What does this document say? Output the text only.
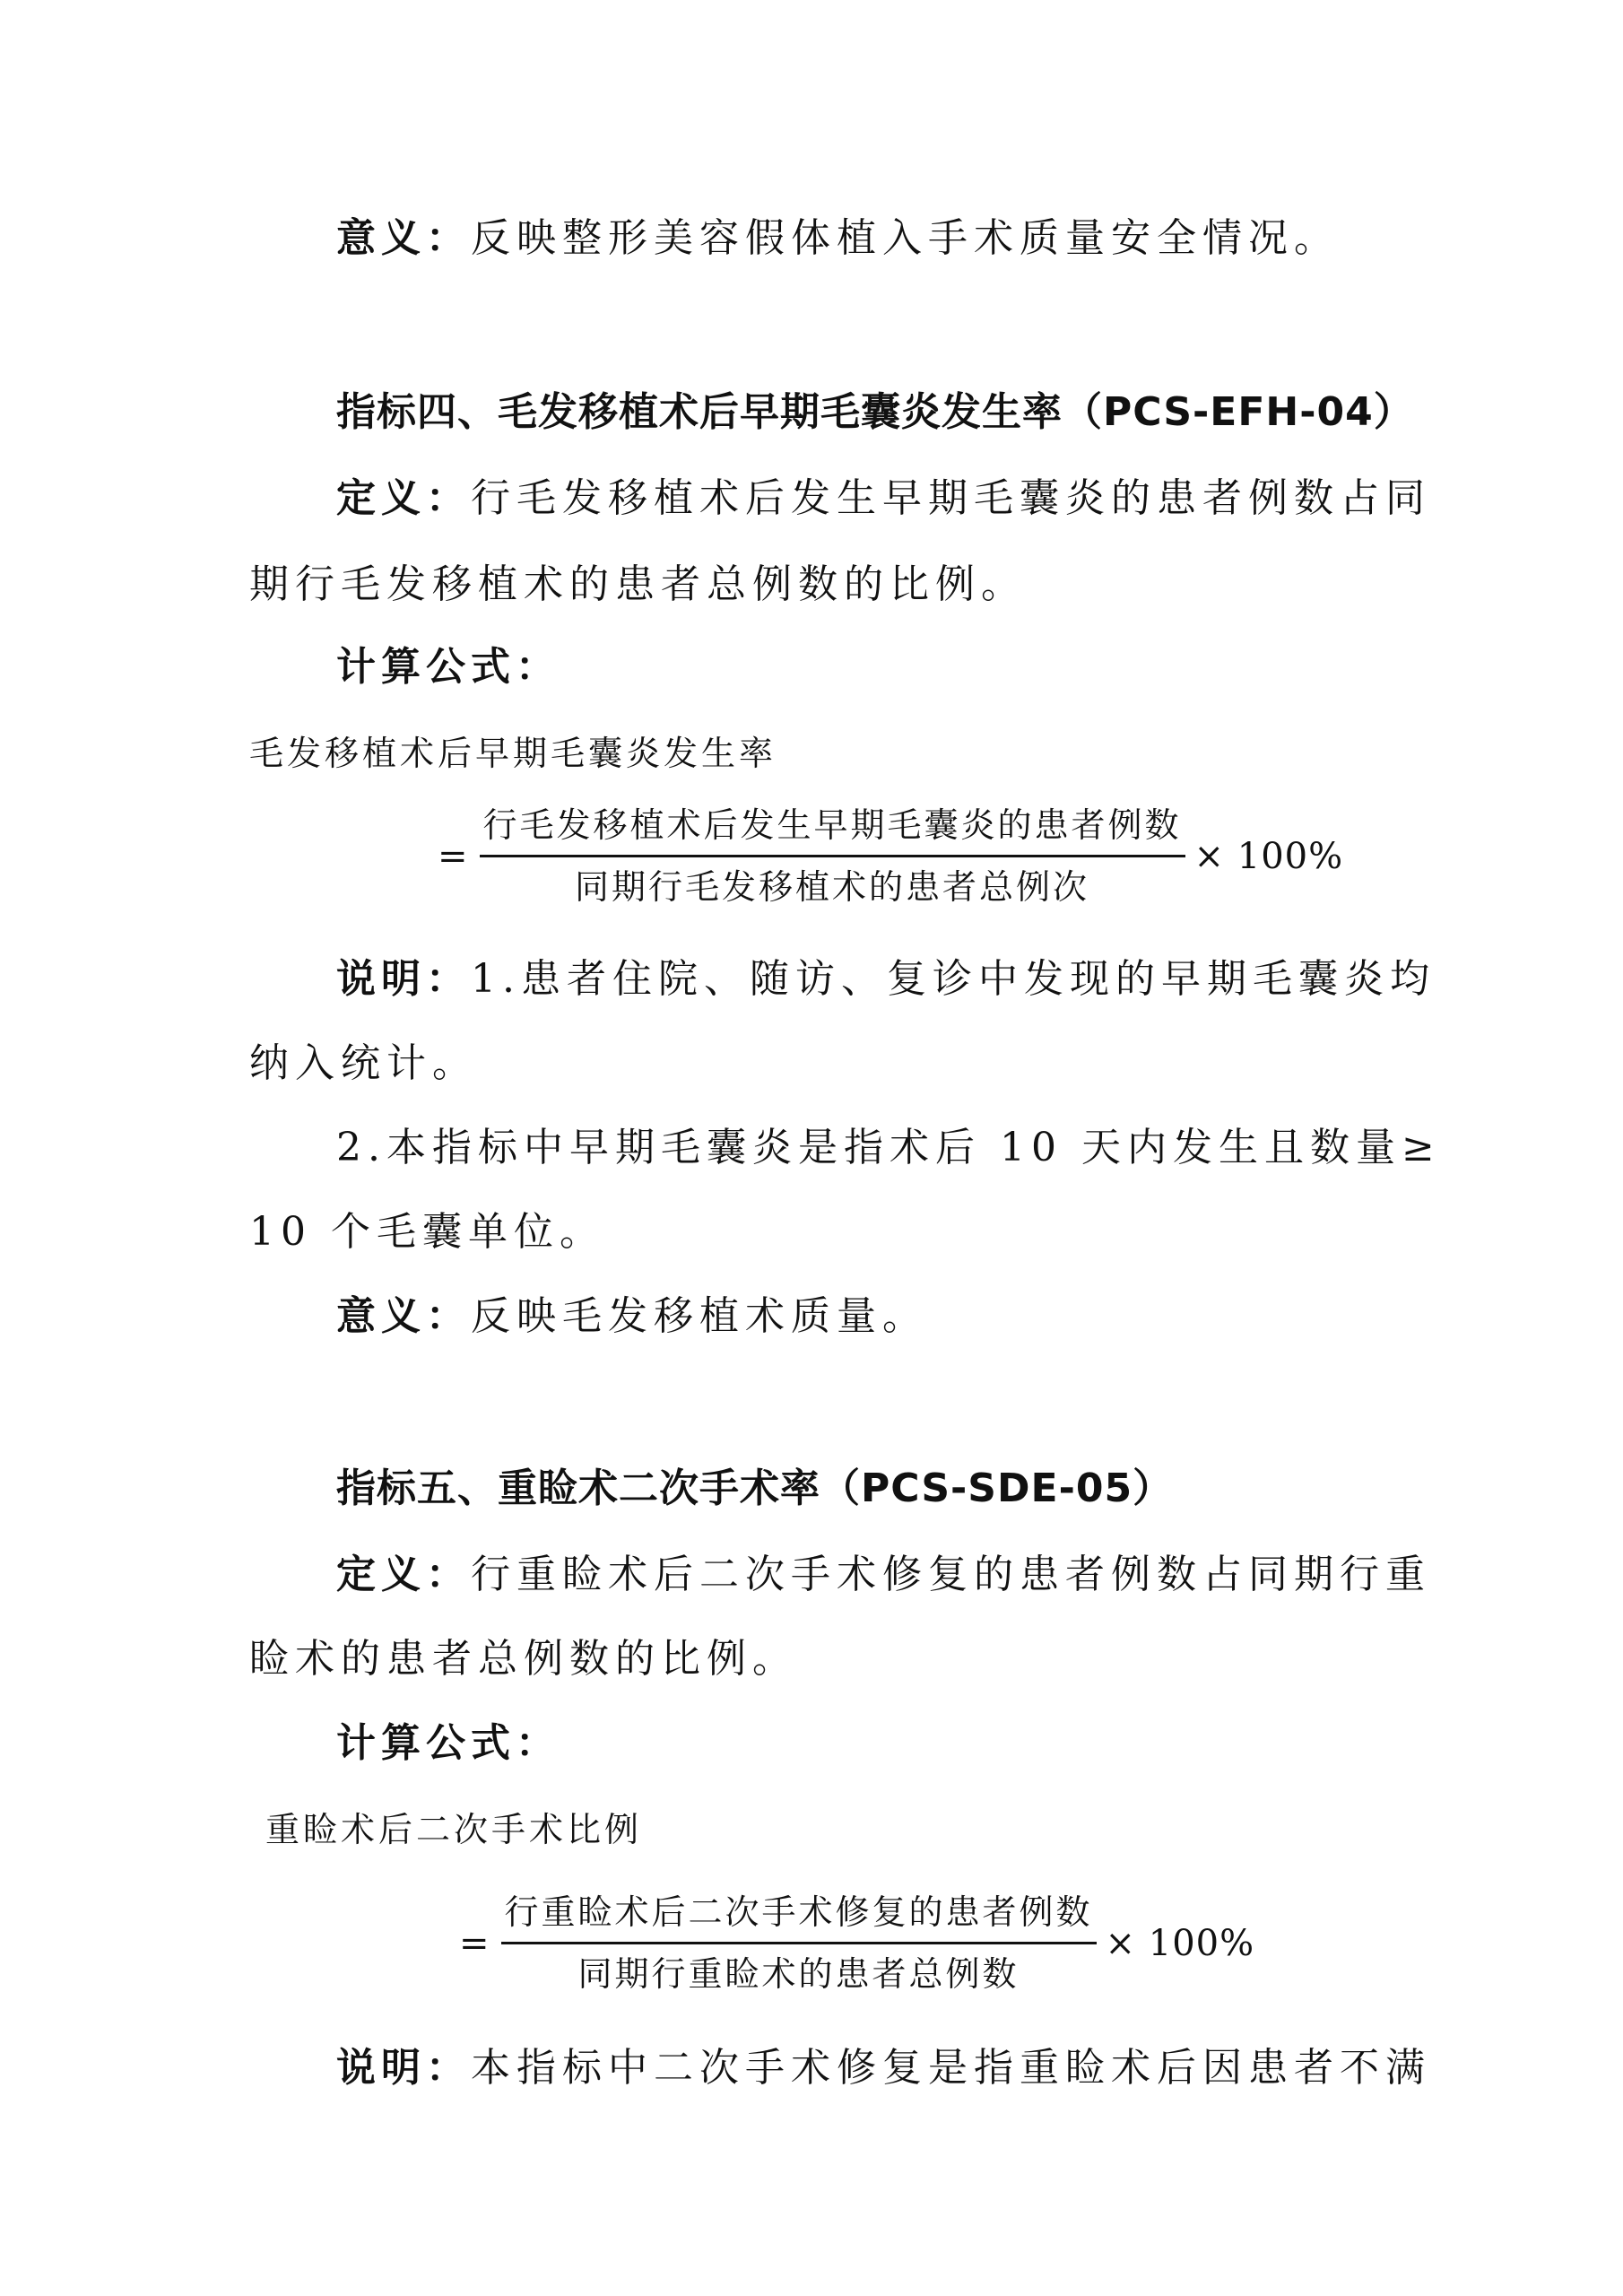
意义：反映整形美容假体植入手术质量安全情况。
指标四、毛发移植术后早期毛囊炎发生率（PCS-EFH-04）
定义：行毛发移植术后发生早期毛囊炎的患者例数占同
期行毛发移植术的患者总例数的比例。
计算公式：
毛发移植术后早期毛囊炎发生率
= $\frac{\text{行毛发移植术后发生早期毛囊炎的患者例数}}{\text{同期行毛发移植术的患者总例次}} \times 100\%$
说明：1.患者住院、随访、复诊中发现的早期毛囊炎均
纳入统计。
2.本指标中早期毛囊炎是指术后 10 天内发生且数量≥
10 个毛囊单位。
意义：反映毛发移植术质量。
指标五、重睑术二次手术率（PCS-SDE-05）
定义：行重睑术后二次手术修复的患者例数占同期行重
睑术的患者总例数的比例。
计算公式：
重睑术后二次手术比例
= $\frac{\text{行重睑术后二次手术修复的患者例数}}{\text{同期行重睑术的患者总例数}} \times 100\%$
说明：本指标中二次手术修复是指重睑术后因患者不满
